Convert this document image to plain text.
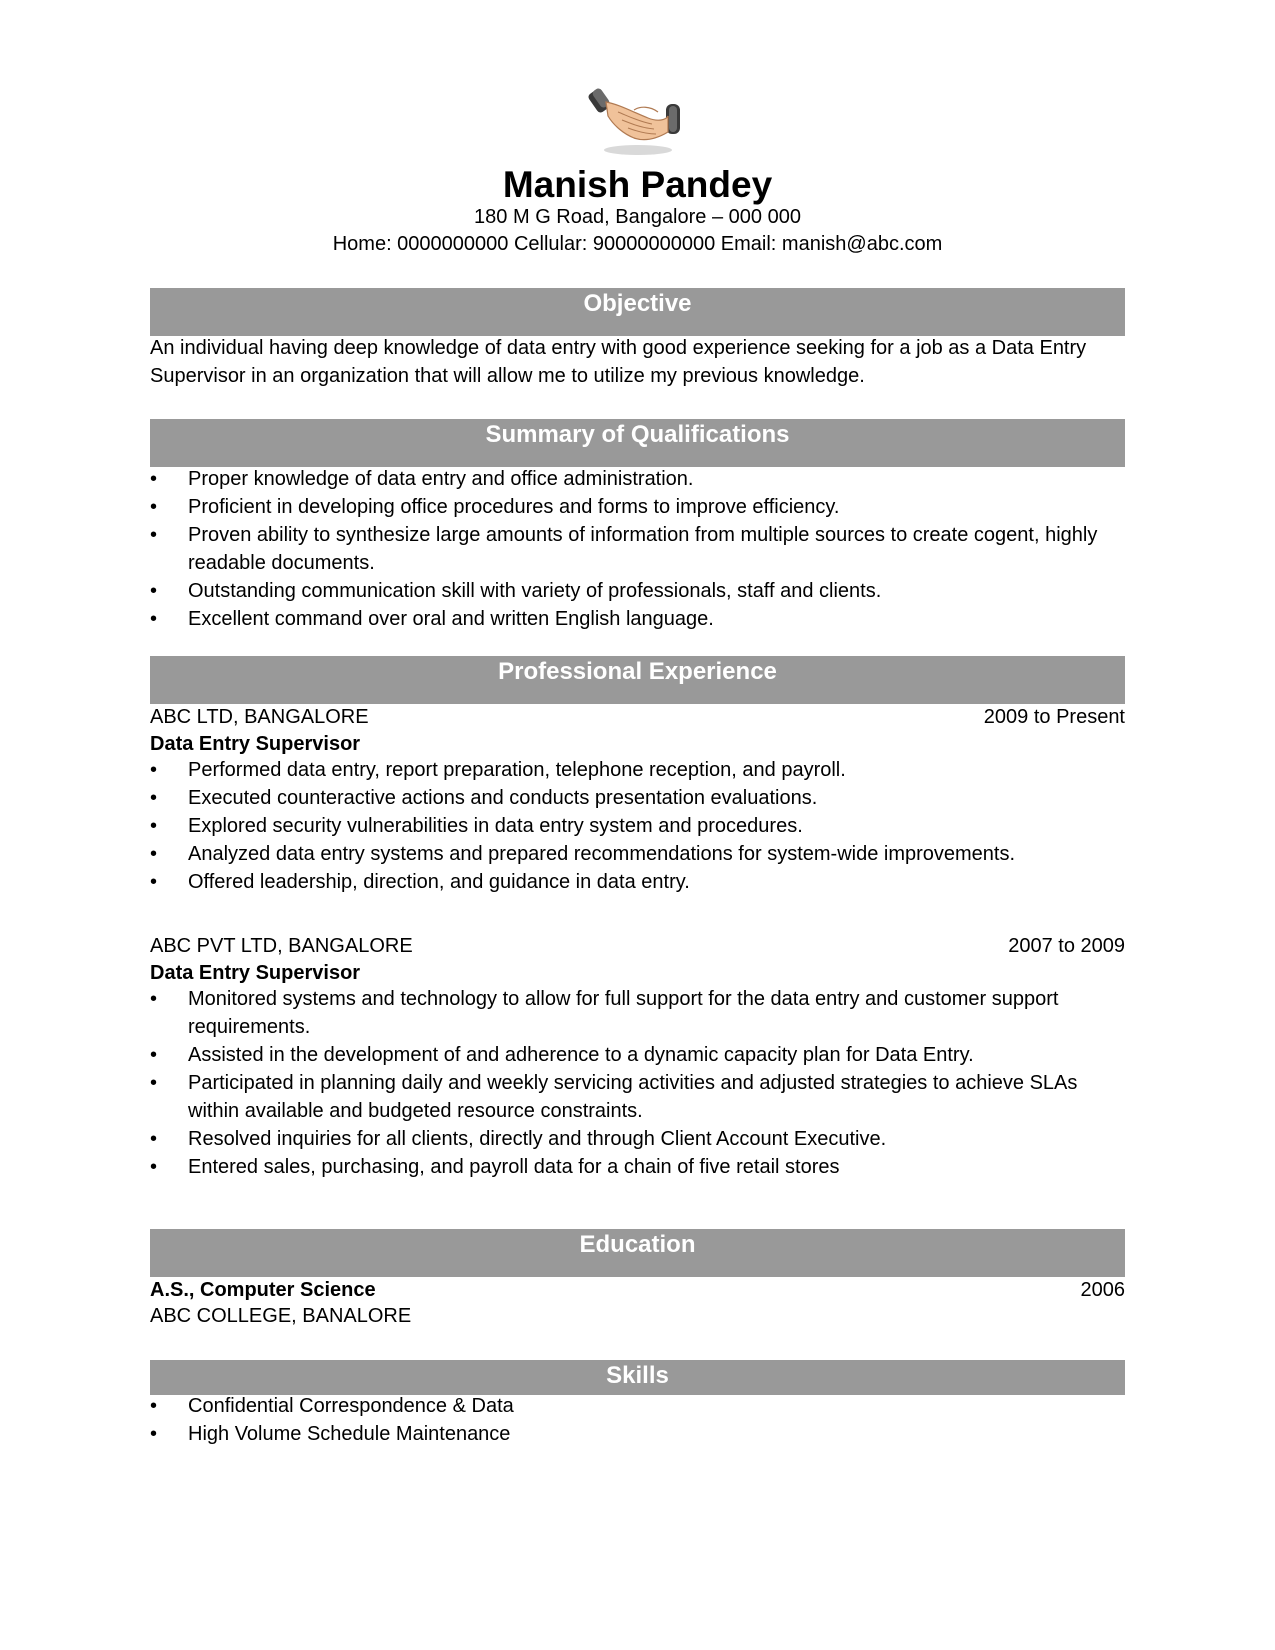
Manish Pandey
180 M G Road, Bangalore – 000 000
Home: 0000000000 Cellular: 90000000000 Email: manish@abc.com
Objective
An individual having deep knowledge of data entry with good experience seeking for a job as a Data Entry Supervisor in an organization that will allow me to utilize my previous knowledge.
Summary of Qualifications
• Proper knowledge of data entry and office administration.
• Proficient in developing office procedures and forms to improve efficiency.
• Proven ability to synthesize large amounts of information from multiple sources to create cogent, highly readable documents.
• Outstanding communication skill with variety of professionals, staff and clients.
• Excellent command over oral and written English language.
Professional Experience
ABC LTD, BANGALORE	2009 to Present
Data Entry Supervisor
• Performed data entry, report preparation, telephone reception, and payroll.
• Executed counteractive actions and conducts presentation evaluations.
• Explored security vulnerabilities in data entry system and procedures.
• Analyzed data entry systems and prepared recommendations for system-wide improvements.
• Offered leadership, direction, and guidance in data entry.
ABC PVT LTD, BANGALORE	2007 to 2009
Data Entry Supervisor
• Monitored systems and technology to allow for full support for the data entry and customer support requirements.
• Assisted in the development of and adherence to a dynamic capacity plan for Data Entry.
• Participated in planning daily and weekly servicing activities and adjusted strategies to achieve SLAs within available and budgeted resource constraints.
• Resolved inquiries for all clients, directly and through Client Account Executive.
• Entered sales, purchasing, and payroll data for a chain of five retail stores
Education
A.S., Computer Science	2006
ABC COLLEGE, BANALORE
Skills
• Confidential Correspondence & Data
• High Volume Schedule Maintenance
